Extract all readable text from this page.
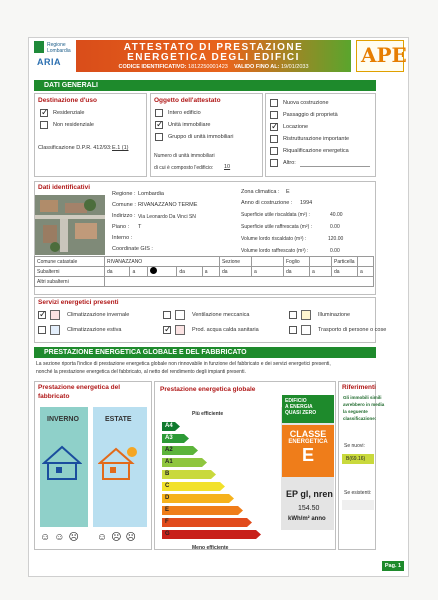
Regione Lombardia
ARIA
ATTESTATO DI PRESTAZIONE
ENERGETICA DEGLI EDIFICI
CODICE IDENTIFICATIVO: 1812250001423 VALIDO FINO AL: 19/01/2033	APE
DATI GENERALI
Destinazione d'uso
✓
Residenziale
Non residenziale
Classificazione D.P.R. 412/93: E.1 (1)
Oggetto dell'attestato
Intero edificio
✓
Unità immobiliare
Gruppo di unità immobiliari
Numero di unità immobiliari
di cui è composto l'edificio: 10
Nuova costruzione
Passaggio di proprietà
✓
Locazione
Ristrutturazione importante
Riqualificazione energetica
Altro:
Dati identificativi
Regione : Lombardia
Comune : RIVANAZZANO TERME
Indirizzo : Via Leonardo Da Vinci SN
Piano : T
Interno :
Coordinate GIS :
Zona climatica : E
Anno di costruzione : 1994
Superficie utile riscaldata (m²) :	40.00
Superficie utile raffrescata (m²) :	0.00
Volume lordo riscaldato (m³) :	120.00
Volume lordo raffrescato (m³) :	0.00
Comune catastale	RIVANAZZANO					Sezione		Foglio		Particella	
Subalterni	da	a		da	a	da	a	da	a	da	a
Altri subalterni											
Servizi energetici presenti
✓
Climatizzazione invernale
Climatizzazione estiva
Ventilazione meccanica
✓
Prod. acqua calda sanitaria
Illuminazione
Trasporto di persone o cose
PRESTAZIONE ENERGETICA GLOBALE E DEL FABBRICATO
La sezione riporta l'indice di prestazione energetica globale non rinnovabile in funzione del fabbricato e dei servizi energetici presenti,
nonché la prestazione energetica del fabbricato, al netto del rendimento degli impianti presenti.
Prestazione energetica del
fabbricato
INVERNO	ESTATE
☺ ☺ ☹ ☺ ☹ ☹
Prestazione energetica globale
Più efficiente
Meno efficiente
A4
A3
A2
A1
B
C
D
E
F
G
EDIFICIO
A ENERGIA
QUASI ZERO
CLASSE
ENERGETICA
E
EP gl, nren
154.50
kWh/m² anno
Riferimenti
Gli immobili simili
avrebbero in media
la seguente
classificazione:
Se nuovi:
B(69.16)
Se esistenti:
Pag. 1
